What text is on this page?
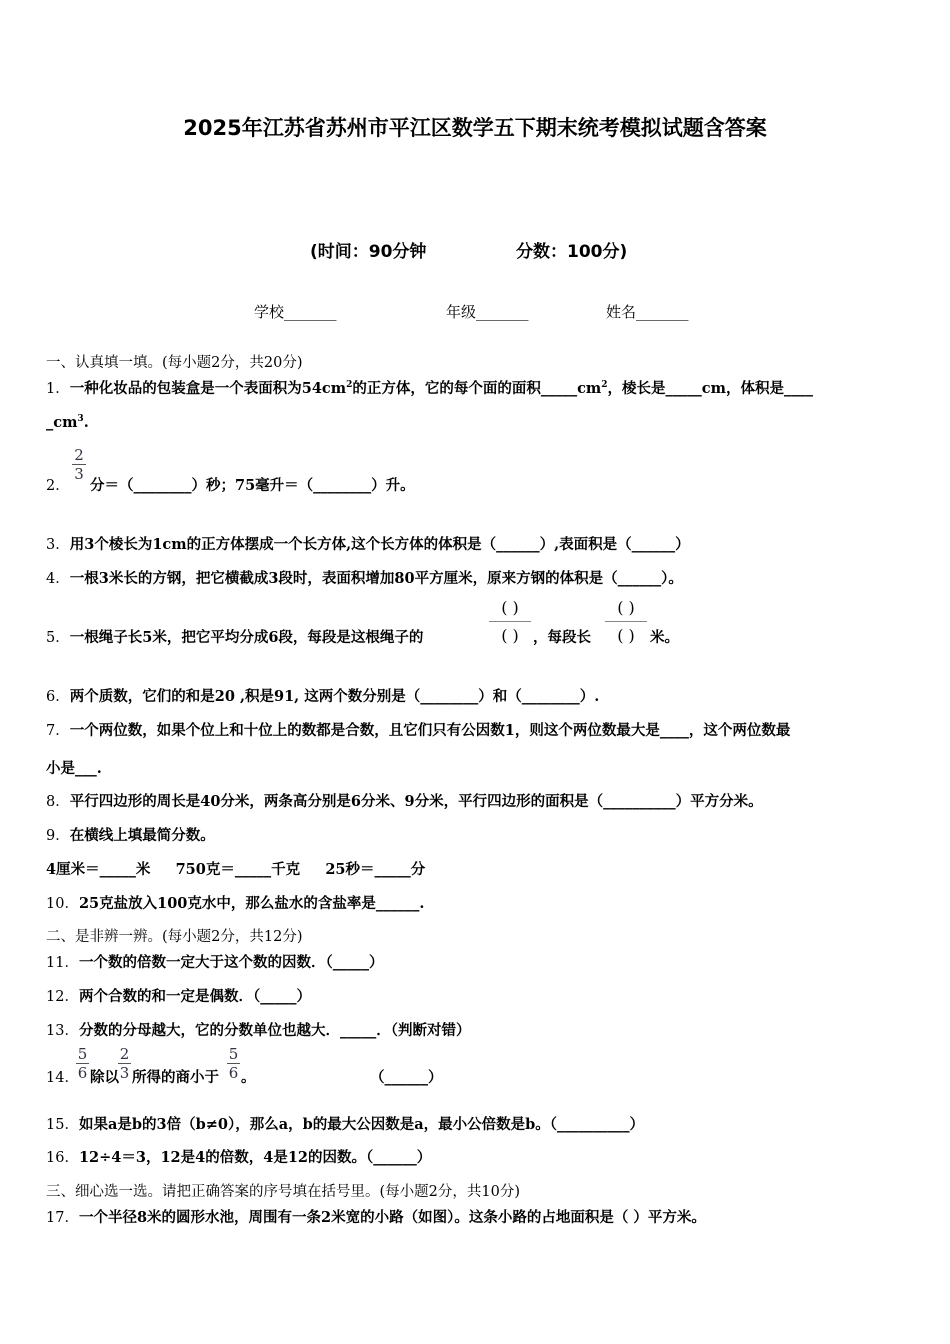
2025年江苏省苏州市平江区数学五下期末统考模拟试题含答案
(时间：90分钟	分数：100分)
学校_______	年级_______	姓名_______
一、认真填一填。(每小题2分，共20分)
1．一种化妆品的包装盒是一个表面积为$54cm^2$的正方体，它的每个面的面积$\_\_\_\_\_cm^2$，棱长是_____cm，体积是____
$\_cm^3$.
2．
2
3
分＝（________）秒；75毫升＝（________）升。
3．用3个棱长为1cm的正方体摆成一个长方体,这个长方体的体积是（______）,表面积是（______）
4．一根3米长的方钢，把它横截成3段时，表面积增加80平方厘米，原来方钢的体积是（______）。
5．一根绳子长5米，把它平均分成6段，每段是这根绳子的
( )
( ) ，每段长
( )
( )	米。
6．两个质数，它们的和是20 ,积是91, 这两个数分别是（________）和（________）.
7．一个两位数，如果个位上和十位上的数都是合数，且它们只有公因数1，则这个两位数最大是____，这个两位数最
小是___.
8．平行四边形的周长是40分米，两条高分别是6分米、9分米，平行四边形的面积是（__________）平方分米。
9．在横线上填最简分数。
4厘米＝_____米     750克＝_____千克     25秒＝_____分
10．25克盐放入100克水中，那么盐水的含盐率是______.
二、是非辨一辨。(每小题2分，共12分)
11．一个数的倍数一定大于这个数的因数．（_____）
12．两个合数的和一定是偶数．（_____）
13．分数的分母越大，它的分数单位也越大．_____．（判断对错）
14．
5
6 除以
2
3 所得的商小于
5
6 。	（______）
15．如果a是b的3倍（b≠0），那么a，b的最大公因数是a，最小公倍数是b。（__________）
16．12÷4＝3，12是4的倍数，4是12的因数。（______）
三、细心选一选。请把正确答案的序号填在括号里。(每小题2分，共10分)
17．一个半径8米的圆形水池，周围有一条2米宽的小路（如图）。这条小路的占地面积是（ ）平方米。
